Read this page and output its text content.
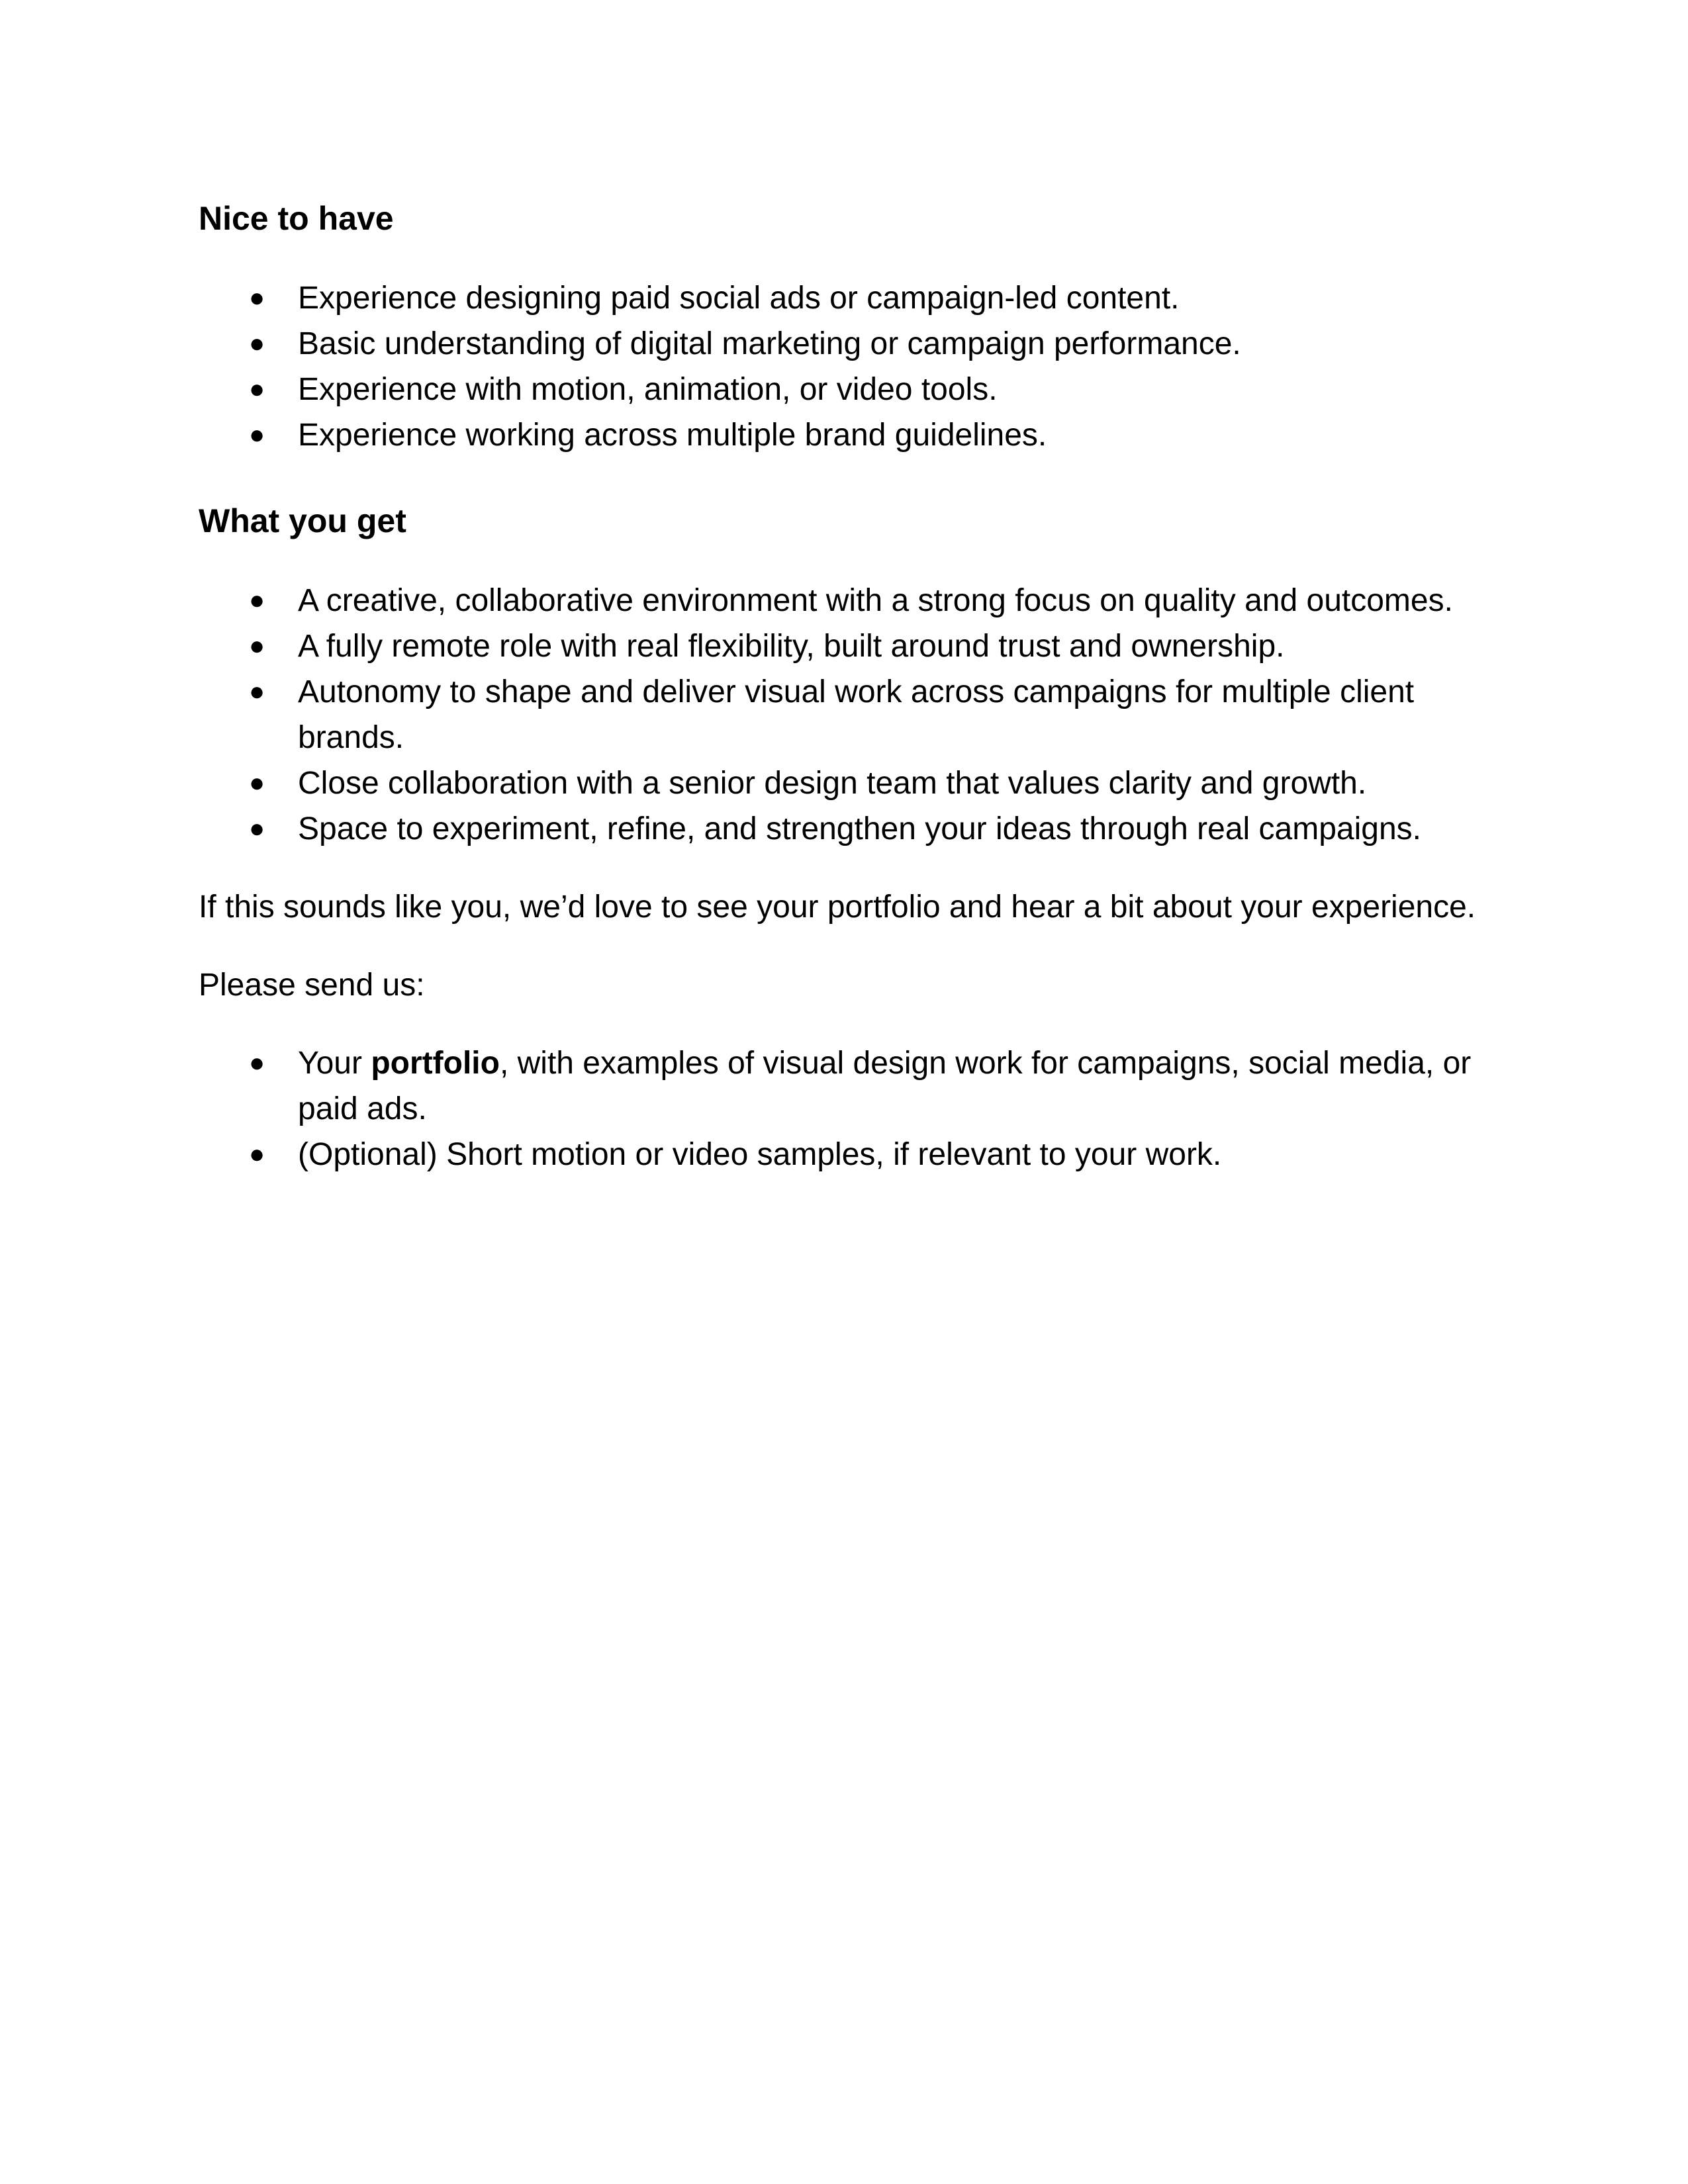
Nice to have
● Experience designing paid social ads or campaign-led content.
● Basic understanding of digital marketing or campaign performance.
● Experience with motion, animation, or video tools.
● Experience working across multiple brand guidelines.
What you get
● A creative, collaborative environment with a strong focus on quality and outcomes.
● A fully remote role with real flexibility, built around trust and ownership.
● Autonomy to shape and deliver visual work across campaigns for multiple client brands.
● Close collaboration with a senior design team that values clarity and growth.
● Space to experiment, refine, and strengthen your ideas through real campaigns.

If this sounds like you, we’d love to see your portfolio and hear a bit about your experience.

Please send us:

● Your portfolio, with examples of visual design work for campaigns, social media, or paid ads.
● (Optional) Short motion or video samples, if relevant to your work.
